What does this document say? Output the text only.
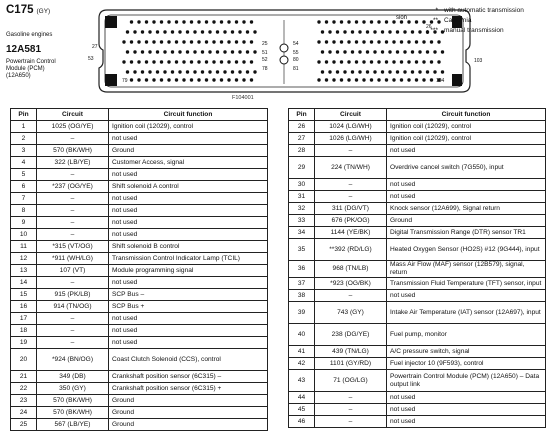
C175 (GY)
Gasoline engines
12A581
Powertrain Control
Module (PCM)
(12A650)
1
26
27
53
25
51
52
78
54
55
80
81
79	104
103
sion
* with automatic transmission
** California
*** manual transmission
F104001
Pin	Circuit	Circuit function
1	1025 (OG/YE)	Ignition coil (12029), control
2	–	not used
3	570 (BK/WH)	Ground
4	322 (LB/YE)	Customer Access, signal
5	–	not used
6	*237 (OG/YE)	Shift solenoid A control
7	–	not used
8	–	not used
9	–	not used
10	–	not used
11	*315 (VT/OG)	Shift solenoid B control
12	*911 (WH/LG)	Transmission Control Indicator Lamp (TCIL)
13	107 (VT)	Module programming signal
14	–	not used
15	915 (PK/LB)	SCP Bus –
16	914 (TN/OG)	SCP Bus +
17	–	not used
18	–	not used
19	–	not used
20	*924 (BN/OG)	Coast Clutch Solenoid (CCS), control
21	349 (DB)	Crankshaft position sensor (6C315) –
22	350 (GY)	Crankshaft position sensor (6C315) +
23	570 (BK/WH)	Ground
24	570 (BK/WH)	Ground
25	567 (LB/YE)	Ground
Pin	Circuit	Circuit function
26	1024 (LG/WH)	Ignition coil (12029), control
27	1026 (LG/WH)	Ignition coil (12029), control
28	–	not used
29	224 (TN/WH)	Overdrive cancel switch (7G550), input
30	–	not used
31	–	not used
32	311 (DG/VT)	Knock sensor (12A699), Signal return
33	676 (PK/OG)	Ground
34	1144 (YE/BK)	Digital Transmission Range (DTR) sensor TR1
35	**392 (RD/LG)	Heated Oxygen Sensor (HO2S) #12 (9G444), input
36	968 (TN/LB)	Mass Air Flow (MAF) sensor (12B579), signal, return
37	*923 (OG/BK)	Transmission Fluid Temperature (TFT) sensor, input
38	–	not used
39	743 (GY)	Intake Air Temperature (IAT) sensor (12A697), input
40	238 (DG/YE)	Fuel pump, monitor
41	439 (TN/LG)	A/C pressure switch, signal
42	1101 (GY/RD)	Fuel injector 10 (9F593), control
43	71 (OG/LG)	Powertrain Control Module (PCM) (12A650) – Data output link
44	–	not used
45	–	not used
46	–	not used
